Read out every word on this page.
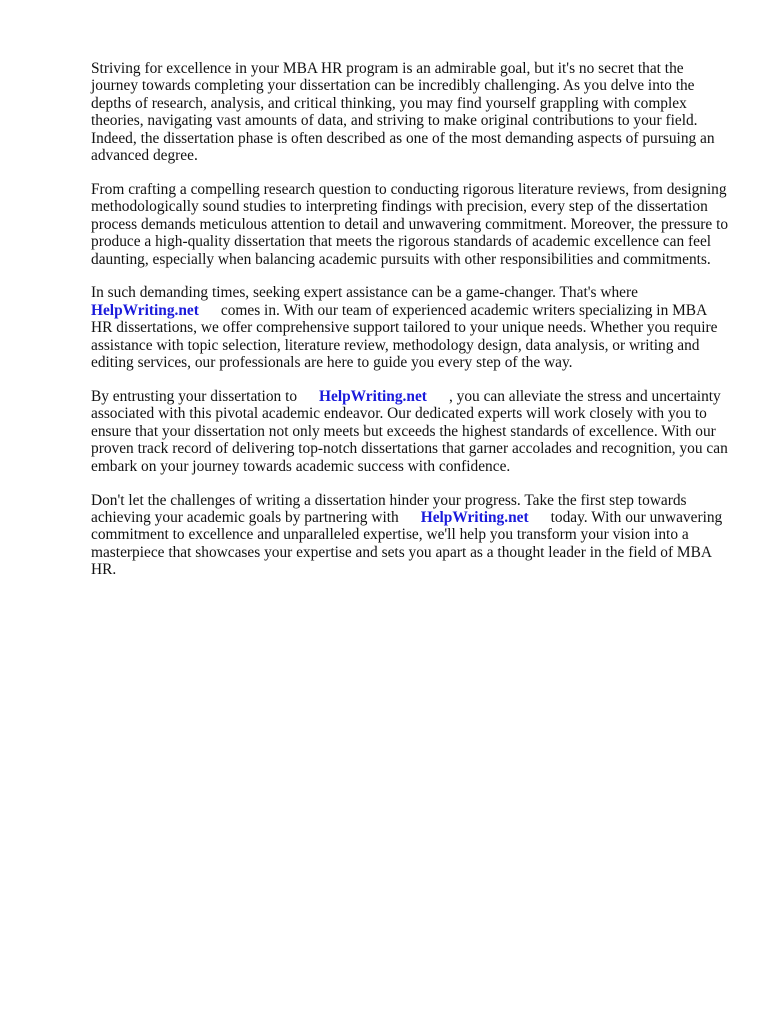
Striving for excellence in your MBA HR program is an admirable goal, but it's no secret that the journey towards completing your dissertation can be incredibly challenging. As you delve into the depths of research, analysis, and critical thinking, you may find yourself grappling with complex theories, navigating vast amounts of data, and striving to make original contributions to your field. Indeed, the dissertation phase is often described as one of the most demanding aspects of pursuing an advanced degree.

From crafting a compelling research question to conducting rigorous literature reviews, from designing methodologically sound studies to interpreting findings with precision, every step of the dissertation process demands meticulous attention to detail and unwavering commitment. Moreover, the pressure to produce a high-quality dissertation that meets the rigorous standards of academic excellence can feel daunting, especially when balancing academic pursuits with other responsibilities and commitments.

In such demanding times, seeking expert assistance can be a game-changer. That's where
HelpWriting.net comes in. With our team of experienced academic writers specializing in MBA HR dissertations, we offer comprehensive support tailored to your unique needs. Whether you require assistance with topic selection, literature review, methodology design, data analysis, or writing and editing services, our professionals are here to guide you every step of the way.

By entrusting your dissertation to HelpWriting.net , you can alleviate the stress and uncertainty associated with this pivotal academic endeavor. Our dedicated experts will work closely with you to ensure that your dissertation not only meets but exceeds the highest standards of excellence. With our proven track record of delivering top-notch dissertations that garner accolades and recognition, you can embark on your journey towards academic success with confidence.

Don't let the challenges of writing a dissertation hinder your progress. Take the first step towards achieving your academic goals by partnering with HelpWriting.net today. With our unwavering commitment to excellence and unparalleled expertise, we'll help you transform your vision into a masterpiece that showcases your expertise and sets you apart as a thought leader in the field of MBA HR.
